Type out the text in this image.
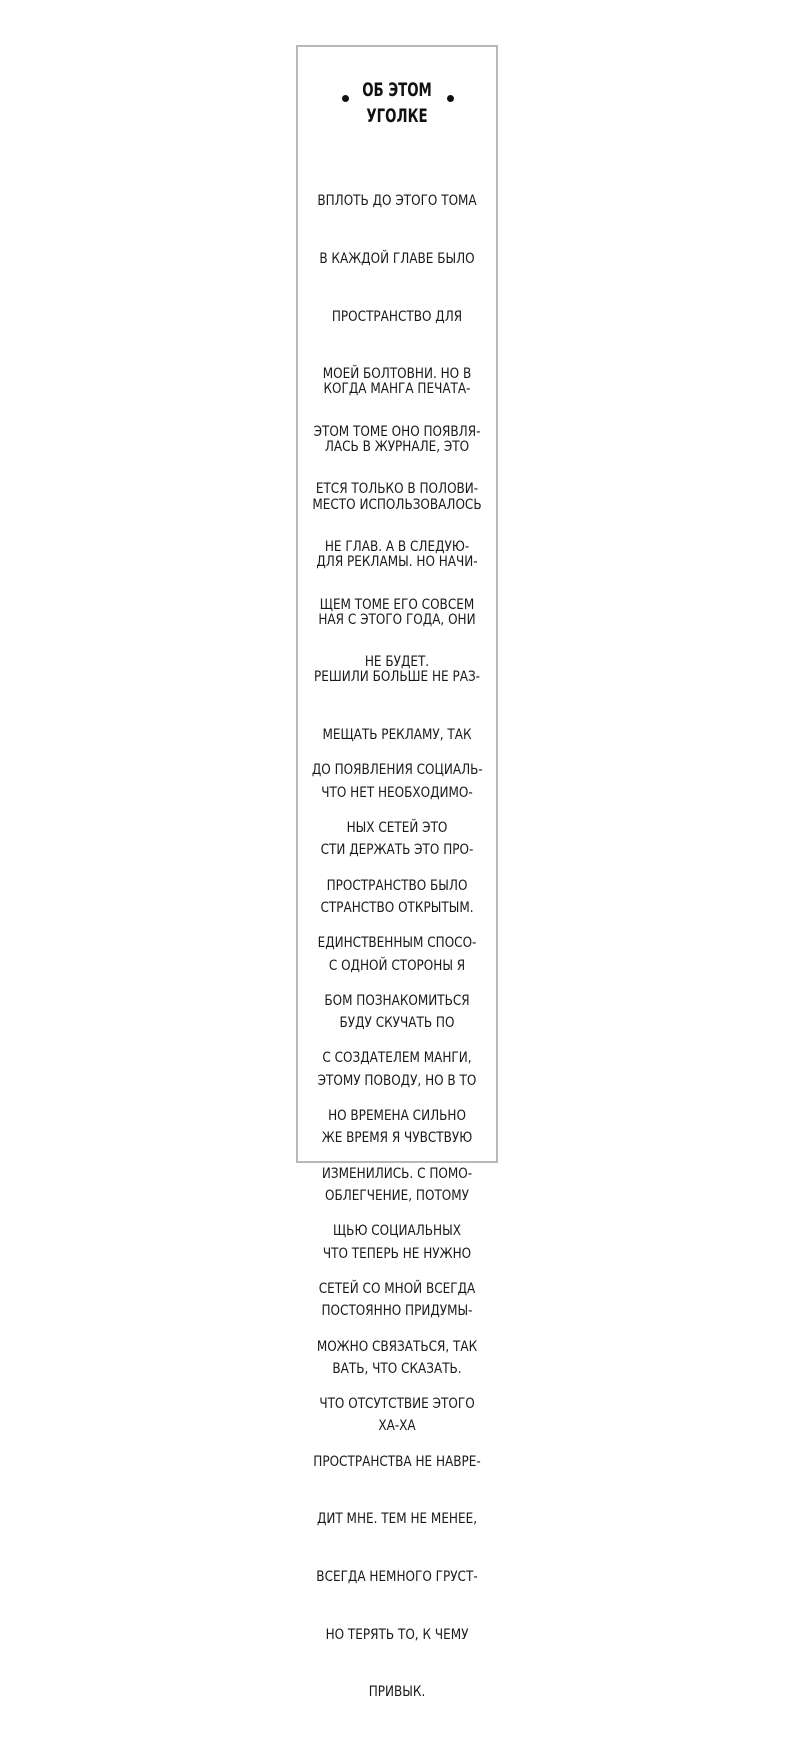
ОБ ЭТОМ
УГОЛКЕ

ВПЛОТЬ ДО ЭТОГО ТОМА

В КАЖДОЙ ГЛАВЕ БЫЛО

ПРОСТРАНСТВО ДЛЯ

МОЕЙ БОЛТОВНИ. НО В

ЭТОМ ТОМЕ ОНО ПОЯВЛЯ-

ЕТСЯ ТОЛЬКО В ПОЛОВИ-

НЕ ГЛАВ. А В СЛЕДУЮ-

ЩЕМ ТОМЕ ЕГО СОВСЕМ

НЕ БУДЕТ.

КОГДА МАНГА ПЕЧАТА-

ЛАСЬ В ЖУРНАЛЕ, ЭТО

МЕСТО ИСПОЛЬЗОВАЛОСЬ

ДЛЯ РЕКЛАМЫ. НО НАЧИ-

НАЯ С ЭТОГО ГОДА, ОНИ

РЕШИЛИ БОЛЬШЕ НЕ РАЗ-

МЕЩАТЬ РЕКЛАМУ, ТАК

ЧТО НЕТ НЕОБХОДИМО-

СТИ ДЕРЖАТЬ ЭТО ПРО-

СТРАНСТВО ОТКРЫТЫМ.

С ОДНОЙ СТОРОНЫ Я

БУДУ СКУЧАТЬ ПО

ЭТОМУ ПОВОДУ, НО В ТО

ЖЕ ВРЕМЯ Я ЧУВСТВУЮ

ОБЛЕГЧЕНИЕ, ПОТОМУ

ЧТО ТЕПЕРЬ НЕ НУЖНО

ПОСТОЯННО ПРИДУМЫ-

ВАТЬ, ЧТО СКАЗАТЬ.

ХА-ХА

ДО ПОЯВЛЕНИЯ СОЦИАЛЬ-

НЫХ СЕТЕЙ ЭТО

ПРОСТРАНСТВО БЫЛО

ЕДИНСТВЕННЫМ СПОСО-

БОМ ПОЗНАКОМИТЬСЯ

С СОЗДАТЕЛЕМ МАНГИ,

НО ВРЕМЕНА СИЛЬНО

ИЗМЕНИЛИСЬ. С ПОМО-

ЩЬЮ СОЦИАЛЬНЫХ

СЕТЕЙ СО МНОЙ ВСЕГДА

МОЖНО СВЯЗАТЬСЯ, ТАК

ЧТО ОТСУТСТВИЕ ЭТОГО

ПРОСТРАНСТВА НЕ НАВРЕ-

ДИТ МНЕ. ТЕМ НЕ МЕНЕЕ,

ВСЕГДА НЕМНОГО ГРУСТ-

НО ТЕРЯТЬ ТО, К ЧЕМУ

ПРИВЫК.
